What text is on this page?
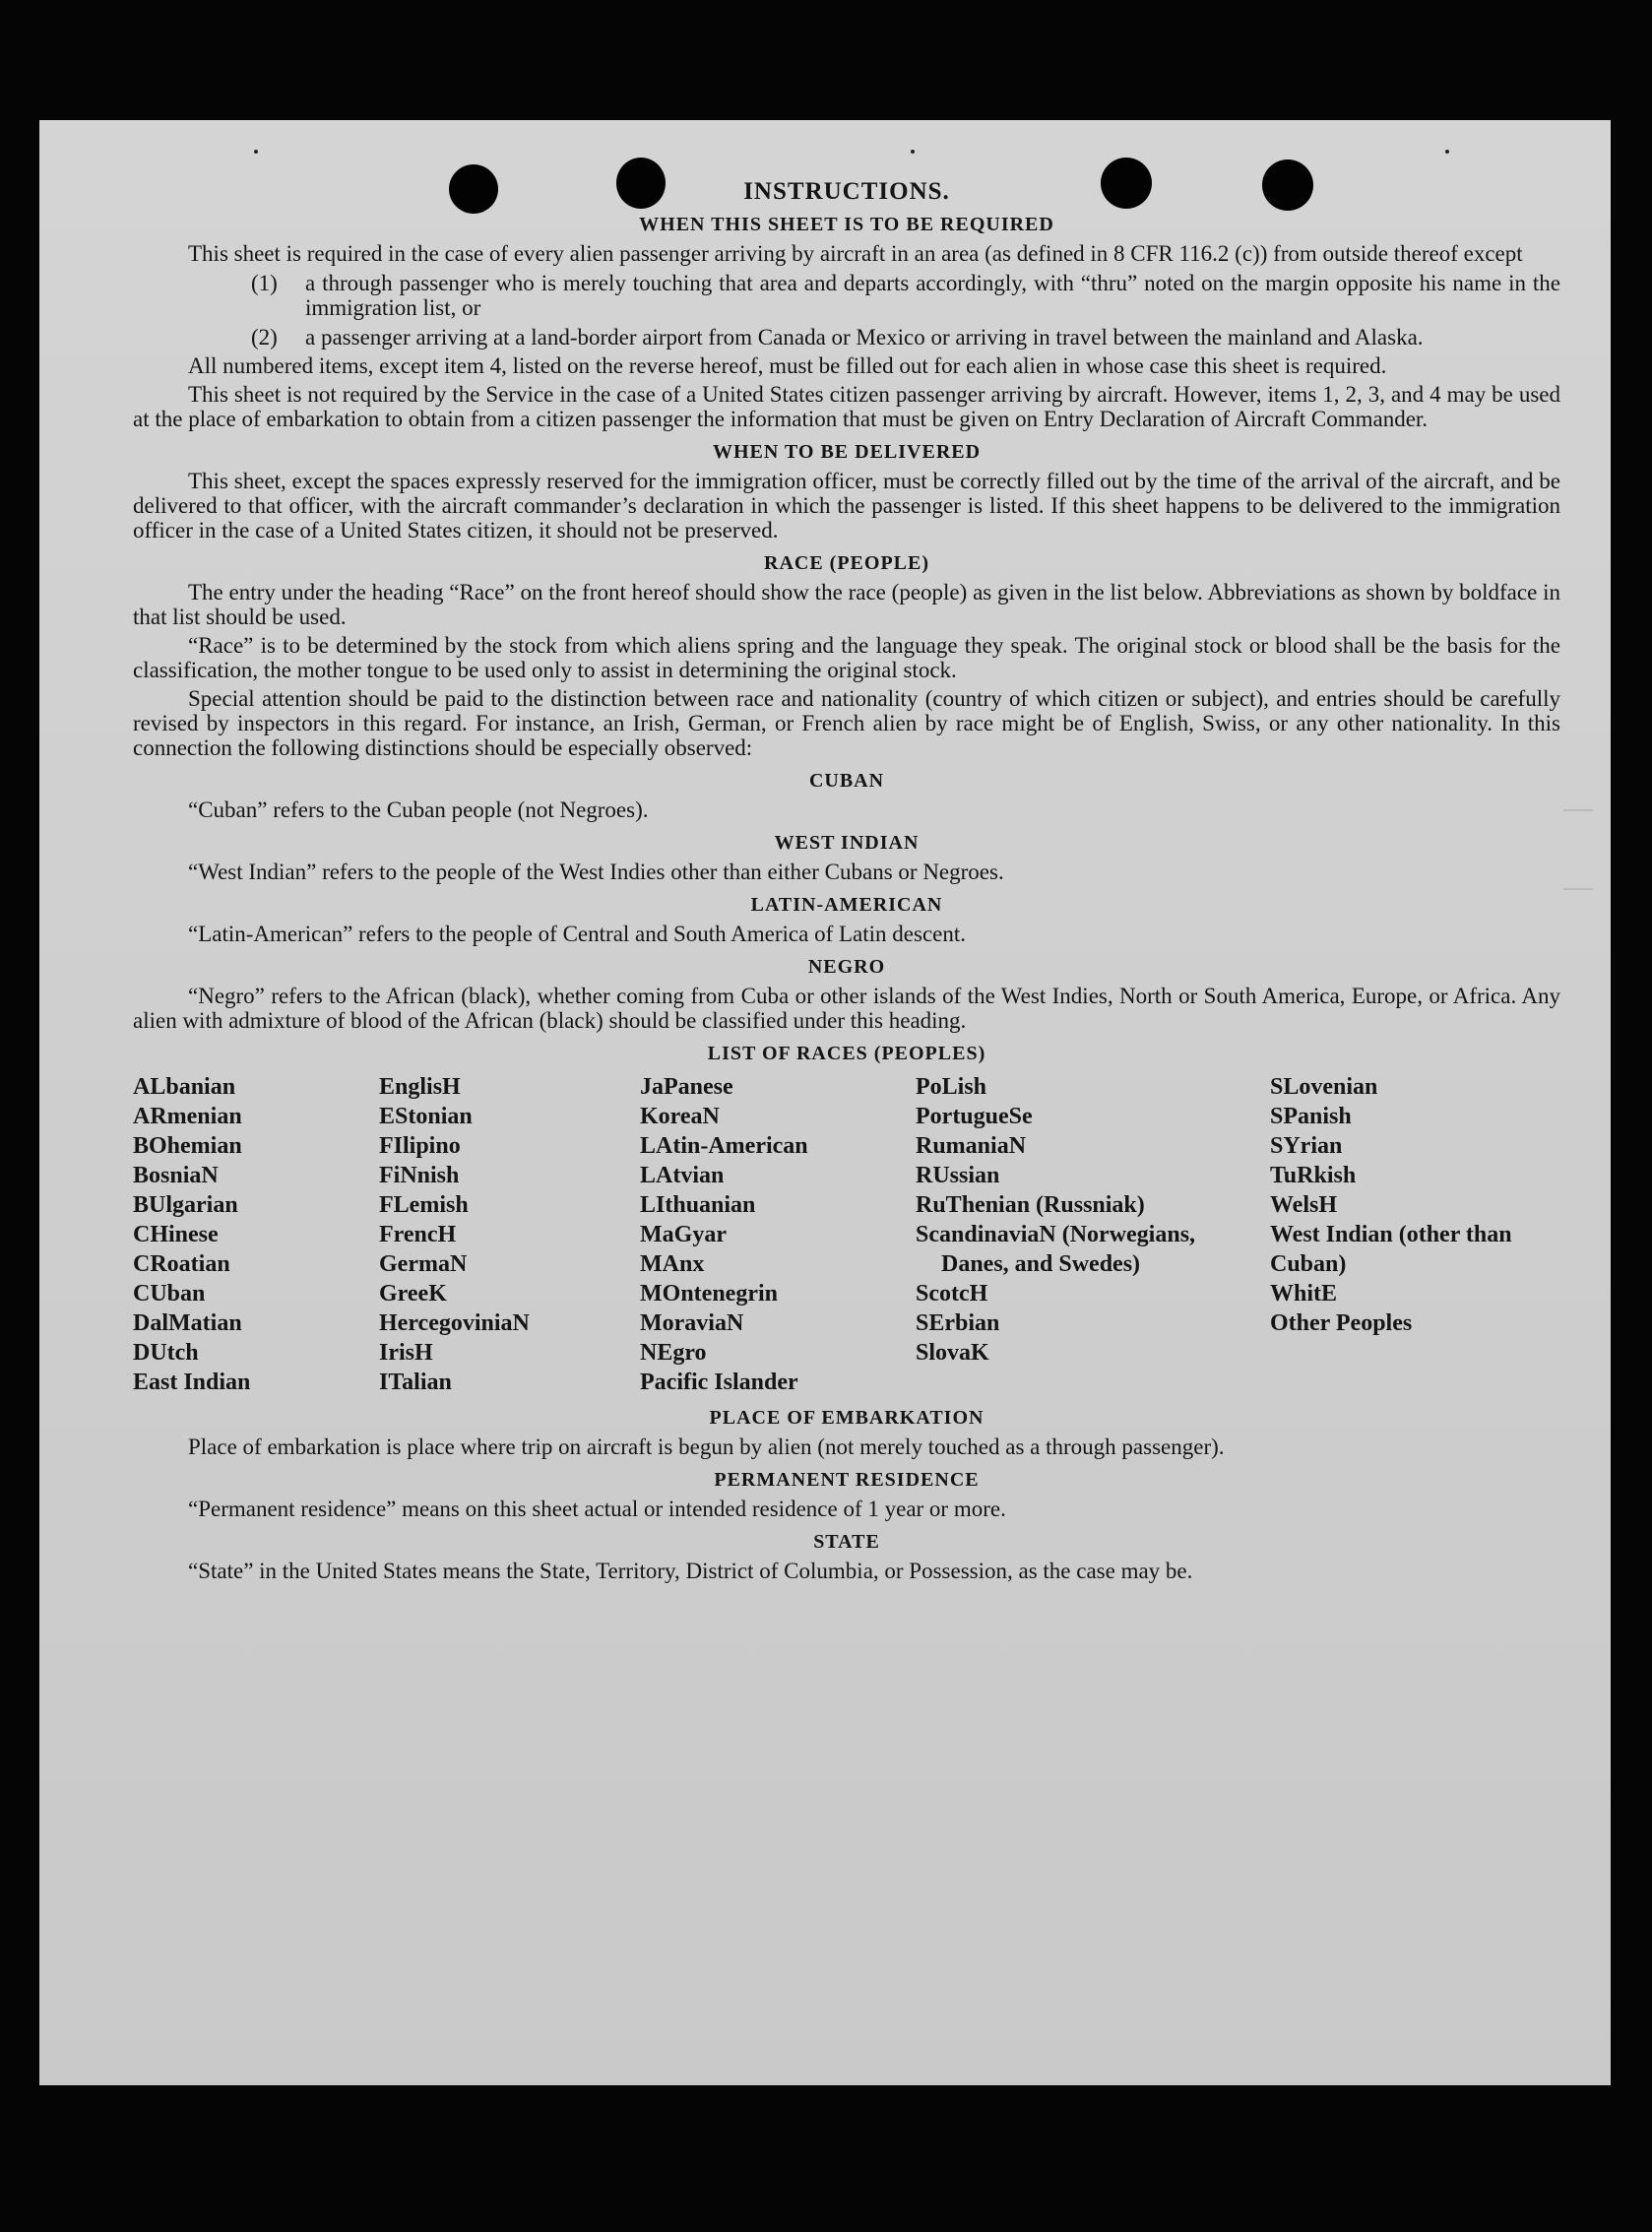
INSTRUCTIONS.
WHEN THIS SHEET IS TO BE REQUIRED

This sheet is required in the case of every alien passenger arriving by aircraft in an area (as defined in 8 CFR 116.2 (c)) from outside thereof except

(1) a through passenger who is merely touching that area and departs accordingly, with “thru” noted on the margin opposite his name in the immigration list, or
(2) a passenger arriving at a land-border airport from Canada or Mexico or arriving in travel between the mainland and Alaska.

All numbered items, except item 4, listed on the reverse hereof, must be filled out for each alien in whose case this sheet is required.

This sheet is not required by the Service in the case of a United States citizen passenger arriving by aircraft. However, items 1, 2, 3, and 4 may be used at the place of embarkation to obtain from a citizen passenger the information that must be given on Entry Declaration of Aircraft Commander.

WHEN TO BE DELIVERED

This sheet, except the spaces expressly reserved for the immigration officer, must be correctly filled out by the time of the arrival of the aircraft, and be delivered to that officer, with the aircraft commander’s declaration in which the passenger is listed. If this sheet happens to be delivered to the immigration officer in the case of a United States citizen, it should not be preserved.

RACE (PEOPLE)

The entry under the heading “Race” on the front hereof should show the race (people) as given in the list below. Abbreviations as shown by boldface in that list should be used.

“Race” is to be determined by the stock from which aliens spring and the language they speak. The original stock or blood shall be the basis for the classification, the mother tongue to be used only to assist in determining the original stock.

Special attention should be paid to the distinction between race and nationality (country of which citizen or subject), and entries should be carefully revised by inspectors in this regard. For instance, an Irish, German, or French alien by race might be of English, Swiss, or any other nationality. In this connection the following distinctions should be especially observed:

CUBAN

“Cuban” refers to the Cuban people (not Negroes).

WEST INDIAN

“West Indian” refers to the people of the West Indies other than either Cubans or Negroes.

LATIN-AMERICAN

“Latin-American” refers to the people of Central and South America of Latin descent.

NEGRO

“Negro” refers to the African (black), whether coming from Cuba or other islands of the West Indies, North or South America, Europe, or Africa. Any alien with admixture of blood of the African (black) should be classified under this heading.

LIST OF RACES (PEOPLES)
ALbanian
ARmenian
BOhemian
BosniaN
BUlgarian
CHinese
CRoatian
CUban
DalMatian
DUtch
East Indian
EnglisH
EStonian
FIlipino
FiNnish
FLemish
FrencH
GermaN
GreeK
HercegoviniaN
IrisH
ITalian
JaPanese
KoreaN
LAtin-American
LAtvian
LIthuanian
MaGyar
MAnx
MOntenegrin
MoraviaN
NEgro
Pacific Islander
PoLish
PortugueSe
RumaniaN
RUssian
RuThenian (Russniak)
ScandinaviaN (Norwegians, Danes, and Swedes)
ScotcH
SErbian
SlovaK
SLovenian
SPanish
SYrian
TuRkish
WelsH
West Indian (other than Cuban)
WhitE
Other Peoples
PLACE OF EMBARKATION

Place of embarkation is place where trip on aircraft is begun by alien (not merely touched as a through passenger).

PERMANENT RESIDENCE

“Permanent residence” means on this sheet actual or intended residence of 1 year or more.

STATE

“State” in the United States means the State, Territory, District of Columbia, or Possession, as the case may be.
